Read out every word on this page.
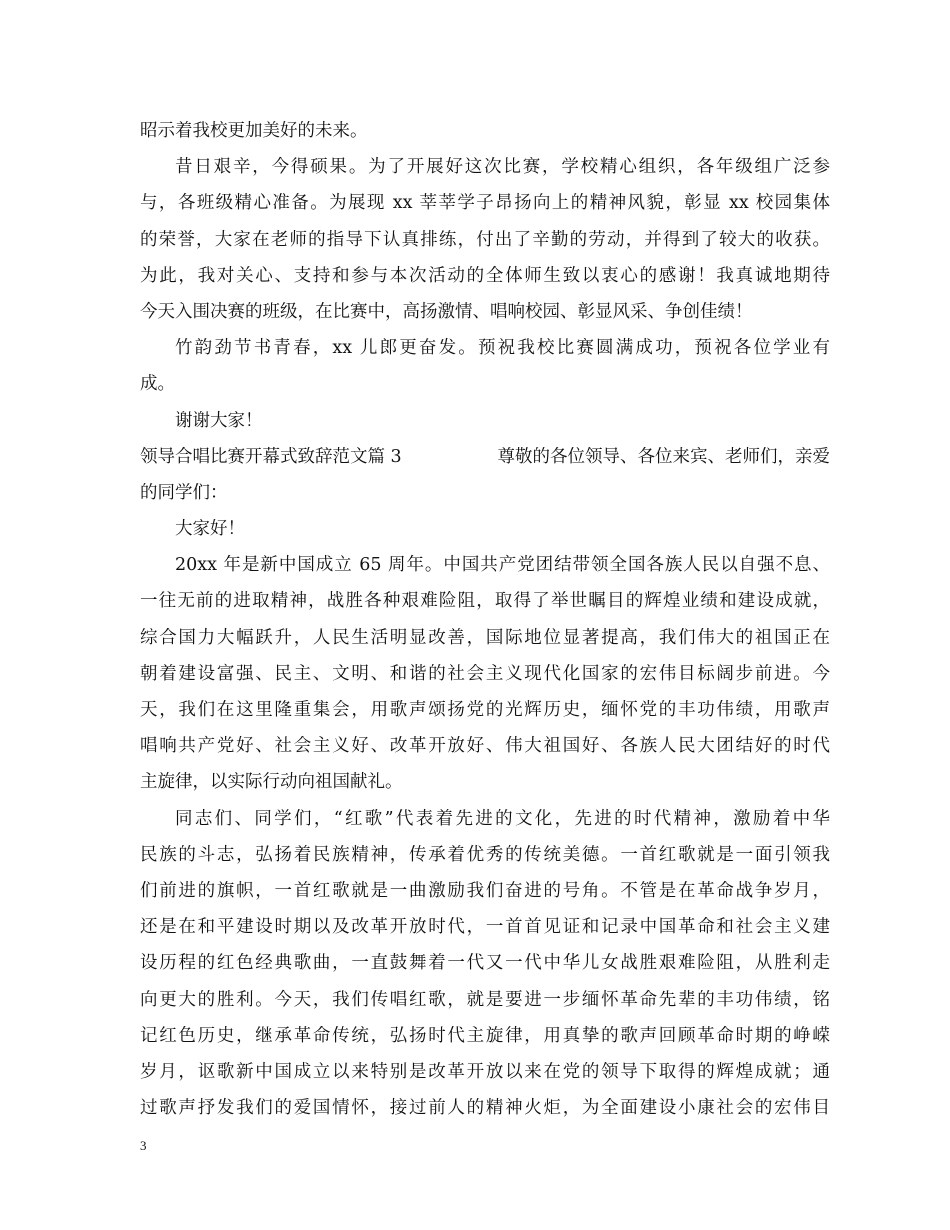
昭示着我校更加美好的未来。
昔日艰辛，今得硕果。为了开展好这次比赛，学校精心组织，各年级组广泛参
与，各班级精心准备。为展现 xx 莘莘学子昂扬向上的精神风貌，彰显 xx 校园集体
的荣誉，大家在老师的指导下认真排练，付出了辛勤的劳动，并得到了较大的收获。
为此，我对关心、支持和参与本次活动的全体师生致以衷心的感谢！我真诚地期待
今天入围决赛的班级，在比赛中，高扬激情、唱响校园、彰显风采、争创佳绩！
竹韵劲节书青春，xx 儿郎更奋发。预祝我校比赛圆满成功，预祝各位学业有
成。
谢谢大家！
领导合唱比赛开幕式致辞范文篇 3	尊敬的各位领导、各位来宾、老师们，亲爱
的同学们：
大家好！
20xx 年是新中国成立 65 周年。中国共产党团结带领全国各族人民以自强不息、
一往无前的进取精神，战胜各种艰难险阻，取得了举世瞩目的辉煌业绩和建设成就，
综合国力大幅跃升，人民生活明显改善，国际地位显著提高，我们伟大的祖国正在
朝着建设富强、民主、文明、和谐的社会主义现代化国家的宏伟目标阔步前进。今
天，我们在这里隆重集会，用歌声颂扬党的光辉历史，缅怀党的丰功伟绩，用歌声
唱响共产党好、社会主义好、改革开放好、伟大祖国好、各族人民大团结好的时代
主旋律，以实际行动向祖国献礼。
同志们、同学们，“红歌”代表着先进的文化，先进的时代精神，激励着中华
民族的斗志，弘扬着民族精神，传承着优秀的传统美德。一首红歌就是一面引领我
们前进的旗帜，一首红歌就是一曲激励我们奋进的号角。不管是在革命战争岁月，
还是在和平建设时期以及改革开放时代，一首首见证和记录中国革命和社会主义建
设历程的红色经典歌曲，一直鼓舞着一代又一代中华儿女战胜艰难险阻，从胜利走
向更大的胜利。今天，我们传唱红歌，就是要进一步缅怀革命先辈的丰功伟绩，铭
记红色历史，继承革命传统，弘扬时代主旋律，用真挚的歌声回顾革命时期的峥嵘
岁月，讴歌新中国成立以来特别是改革开放以来在党的领导下取得的辉煌成就；通
过歌声抒发我们的爱国情怀，接过前人的精神火炬，为全面建设小康社会的宏伟目
3
